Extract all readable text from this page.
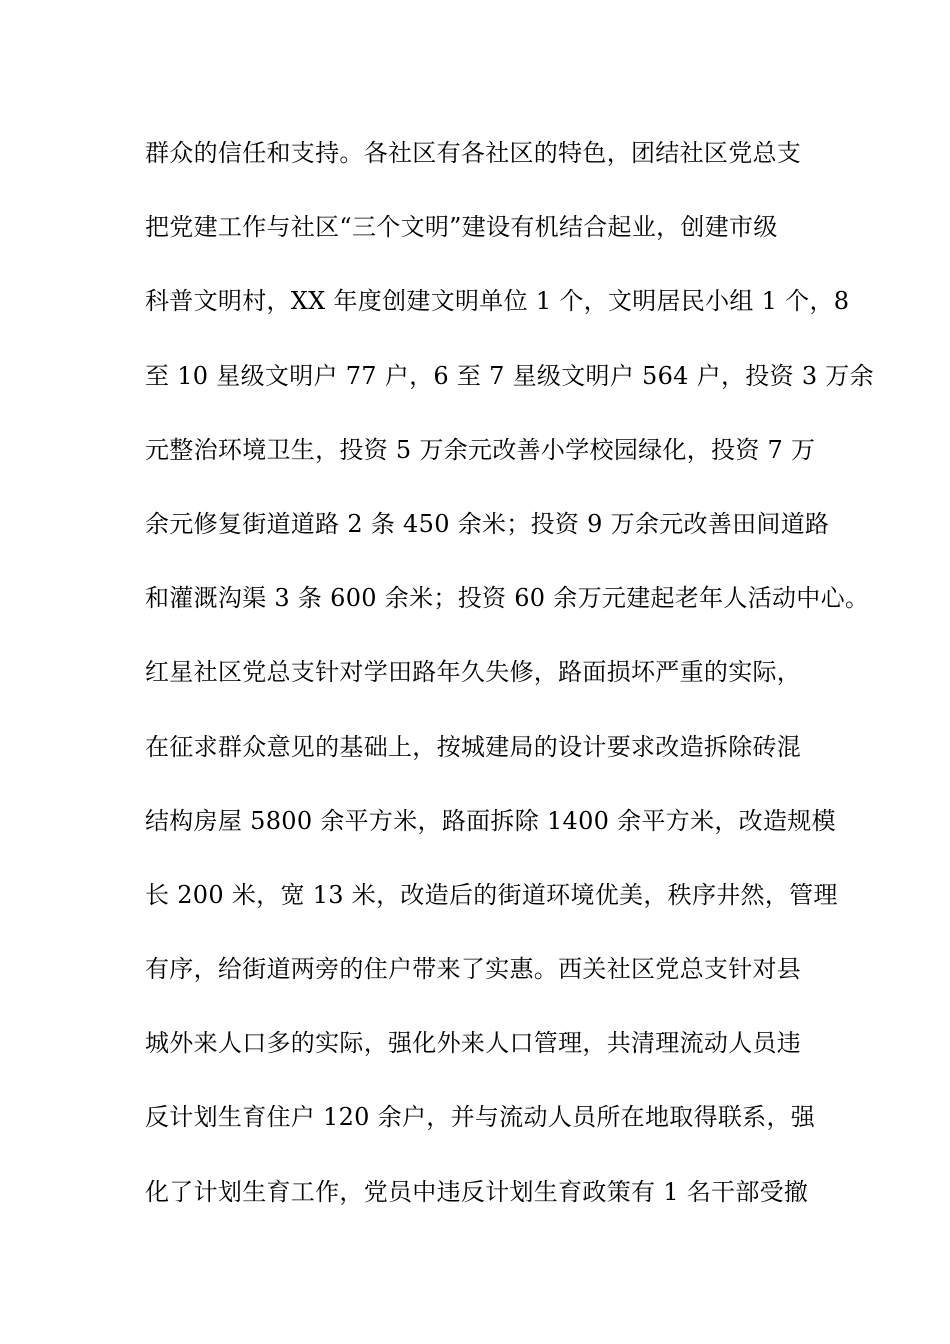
群众的信任和支持。各社区有各社区的特色，团结社区党总支
把党建工作与社区“三个文明”建设有机结合起业，创建市级
科普文明村，XX 年度创建文明单位 1 个，文明居民小组 1 个，8
至 10 星级文明户 77 户，6 至 7 星级文明户 564 户，投资 3 万余
元整治环境卫生，投资 5 万余元改善小学校园绿化，投资 7 万
余元修复街道道路 2 条 450 余米；投资 9 万余元改善田间道路
和灌溉沟渠 3 条 600 余米；投资 60 余万元建起老年人活动中心。
红星社区党总支针对学田路年久失修，路面损坏严重的实际，
在征求群众意见的基础上，按城建局的设计要求改造拆除砖混
结构房屋 5800 余平方米，路面拆除 1400 余平方米，改造规模
长 200 米，宽 13 米，改造后的街道环境优美，秩序井然，管理
有序，给街道两旁的住户带来了实惠。西关社区党总支针对县
城外来人口多的实际，强化外来人口管理，共清理流动人员违
反计划生育住户 120 余户，并与流动人员所在地取得联系，强
化了计划生育工作，党员中违反计划生育政策有 1 名干部受撤
